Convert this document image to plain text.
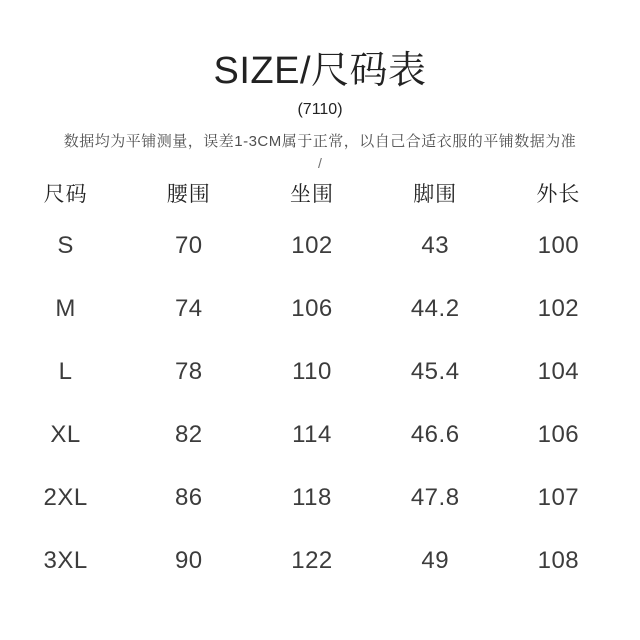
SIZE/尺码表
(7110)
数据均为平铺测量，误差1-3CM属于正常，以自己合适衣服的平铺数据为准
/
尺码	腰围	坐围	脚围	外长
S	70	102	43	100
M	74	106	44.2	102
L	78	110	45.4	104
XL	82	114	46.6	106
2XL	86	118	47.8	107
3XL	90	122	49	108
